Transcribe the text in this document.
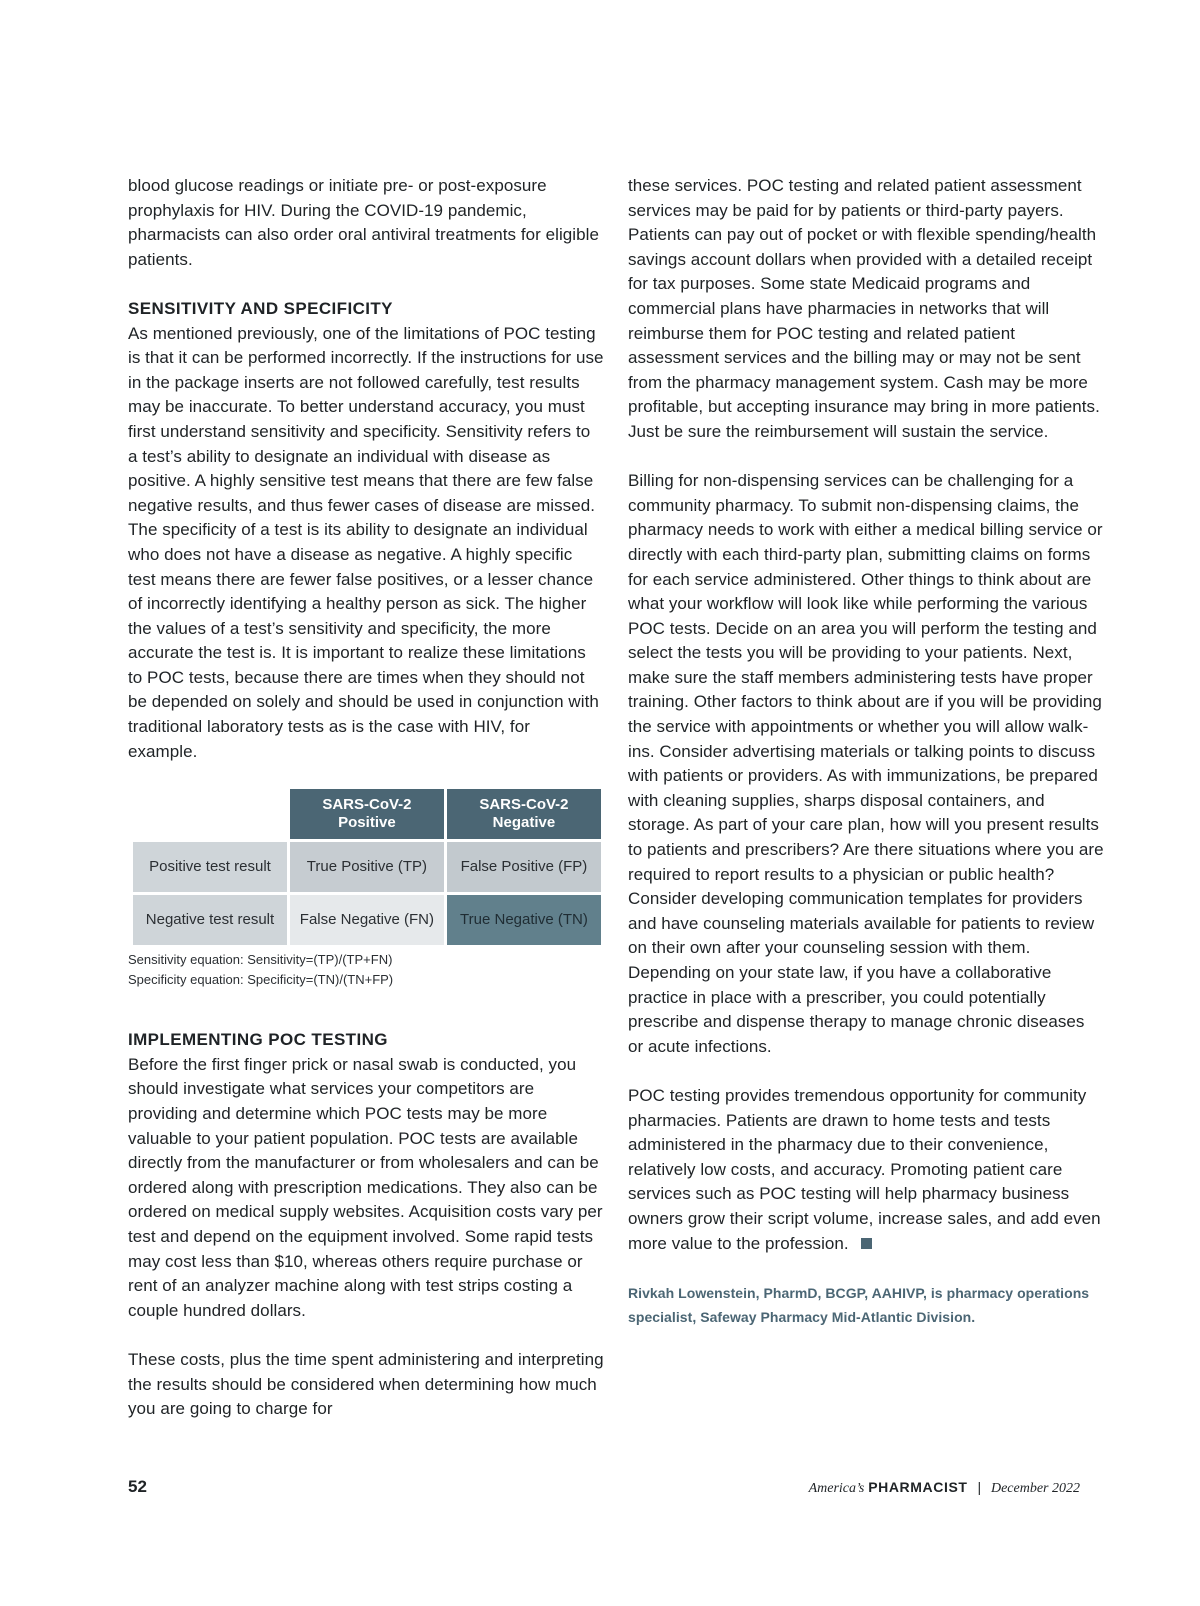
blood glucose readings or initiate pre- or post-exposure prophylaxis for HIV. During the COVID-19 pandemic, pharmacists can also order oral antiviral treatments for eligible patients.

SENSITIVITY AND SPECIFICITY

As mentioned previously, one of the limitations of POC testing is that it can be performed incorrectly. If the instructions for use in the package inserts are not followed carefully, test results may be inaccurate. To better understand accuracy, you must first understand sensitivity and specificity. Sensitivity refers to a test’s ability to designate an individual with disease as positive. A highly sensitive test means that there are few false negative results, and thus fewer cases of disease are missed. The specificity of a test is its ability to designate an individual who does not have a disease as negative. A highly specific test means there are fewer false positives, or a lesser chance of incorrectly identifying a healthy person as sick. The higher the values of a test’s sensitivity and specificity, the more accurate the test is. It is important to realize these limitations to POC tests, because there are times when they should not be depended on solely and should be used in conjunction with traditional laboratory tests as is the case with HIV, for example.

	SARS-CoV-2 Positive	SARS-CoV-2 Negative
Positive test result	True Positive (TP)	False Positive (FP)
Negative test result	False Negative (FN)	True Negative (TN)
Sensitivity equation: Sensitivity=(TP)/(TP+FN)
Specificity equation: Specificity=(TN)/(TN+FP)
IMPLEMENTING POC TESTING

Before the first finger prick or nasal swab is conducted, you should investigate what services your competitors are providing and determine which POC tests may be more valuable to your patient population. POC tests are available directly from the manufacturer or from wholesalers and can be ordered along with prescription medications. They also can be ordered on medical supply websites. Acquisition costs vary per test and depend on the equipment involved. Some rapid tests may cost less than $10, whereas others require purchase or rent of an analyzer machine along with test strips costing a couple hundred dollars.

These costs, plus the time spent administering and interpreting the results should be considered when determining how much you are going to charge for

these services. POC testing and related patient assessment services may be paid for by patients or third-party payers. Patients can pay out of pocket or with flexible spending/health savings account dollars when provided with a detailed receipt for tax purposes. Some state Medicaid programs and commercial plans have pharmacies in networks that will reimburse them for POC testing and related patient assessment services and the billing may or may not be sent from the pharmacy management system. Cash may be more profitable, but accepting insurance may bring in more patients. Just be sure the reimbursement will sustain the service.

Billing for non-dispensing services can be challenging for a community pharmacy. To submit non-dispensing claims, the pharmacy needs to work with either a medical billing service or directly with each third-party plan, submitting claims on forms for each service administered. Other things to think about are what your workflow will look like while performing the various POC tests. Decide on an area you will perform the testing and select the tests you will be providing to your patients. Next, make sure the staff members administering tests have proper training. Other factors to think about are if you will be providing the service with appointments or whether you will allow walk-ins. Consider advertising materials or talking points to discuss with patients or providers. As with immunizations, be prepared with cleaning supplies, sharps disposal containers, and storage. As part of your care plan, how will you present results to patients and prescribers? Are there situations where you are required to report results to a physician or public health? Consider developing communication templates for providers and have counseling materials available for patients to review on their own after your counseling session with them. Depending on your state law, if you have a collaborative practice in place with a prescriber, you could potentially prescribe and dispense therapy to manage chronic diseases or acute infections.

POC testing provides tremendous opportunity for community pharmacies. Patients are drawn to home tests and tests administered in the pharmacy due to their convenience, relatively low costs, and accuracy. Promoting patient care services such as POC testing will help pharmacy business owners grow their script volume, increase sales, and add even more value to the profession.

Rivkah Lowenstein, PharmD, BCGP, AAHIVP, is pharmacy operations specialist, Safeway Pharmacy Mid-Atlantic Division.

52	America’s PHARMACIST | December 2022
